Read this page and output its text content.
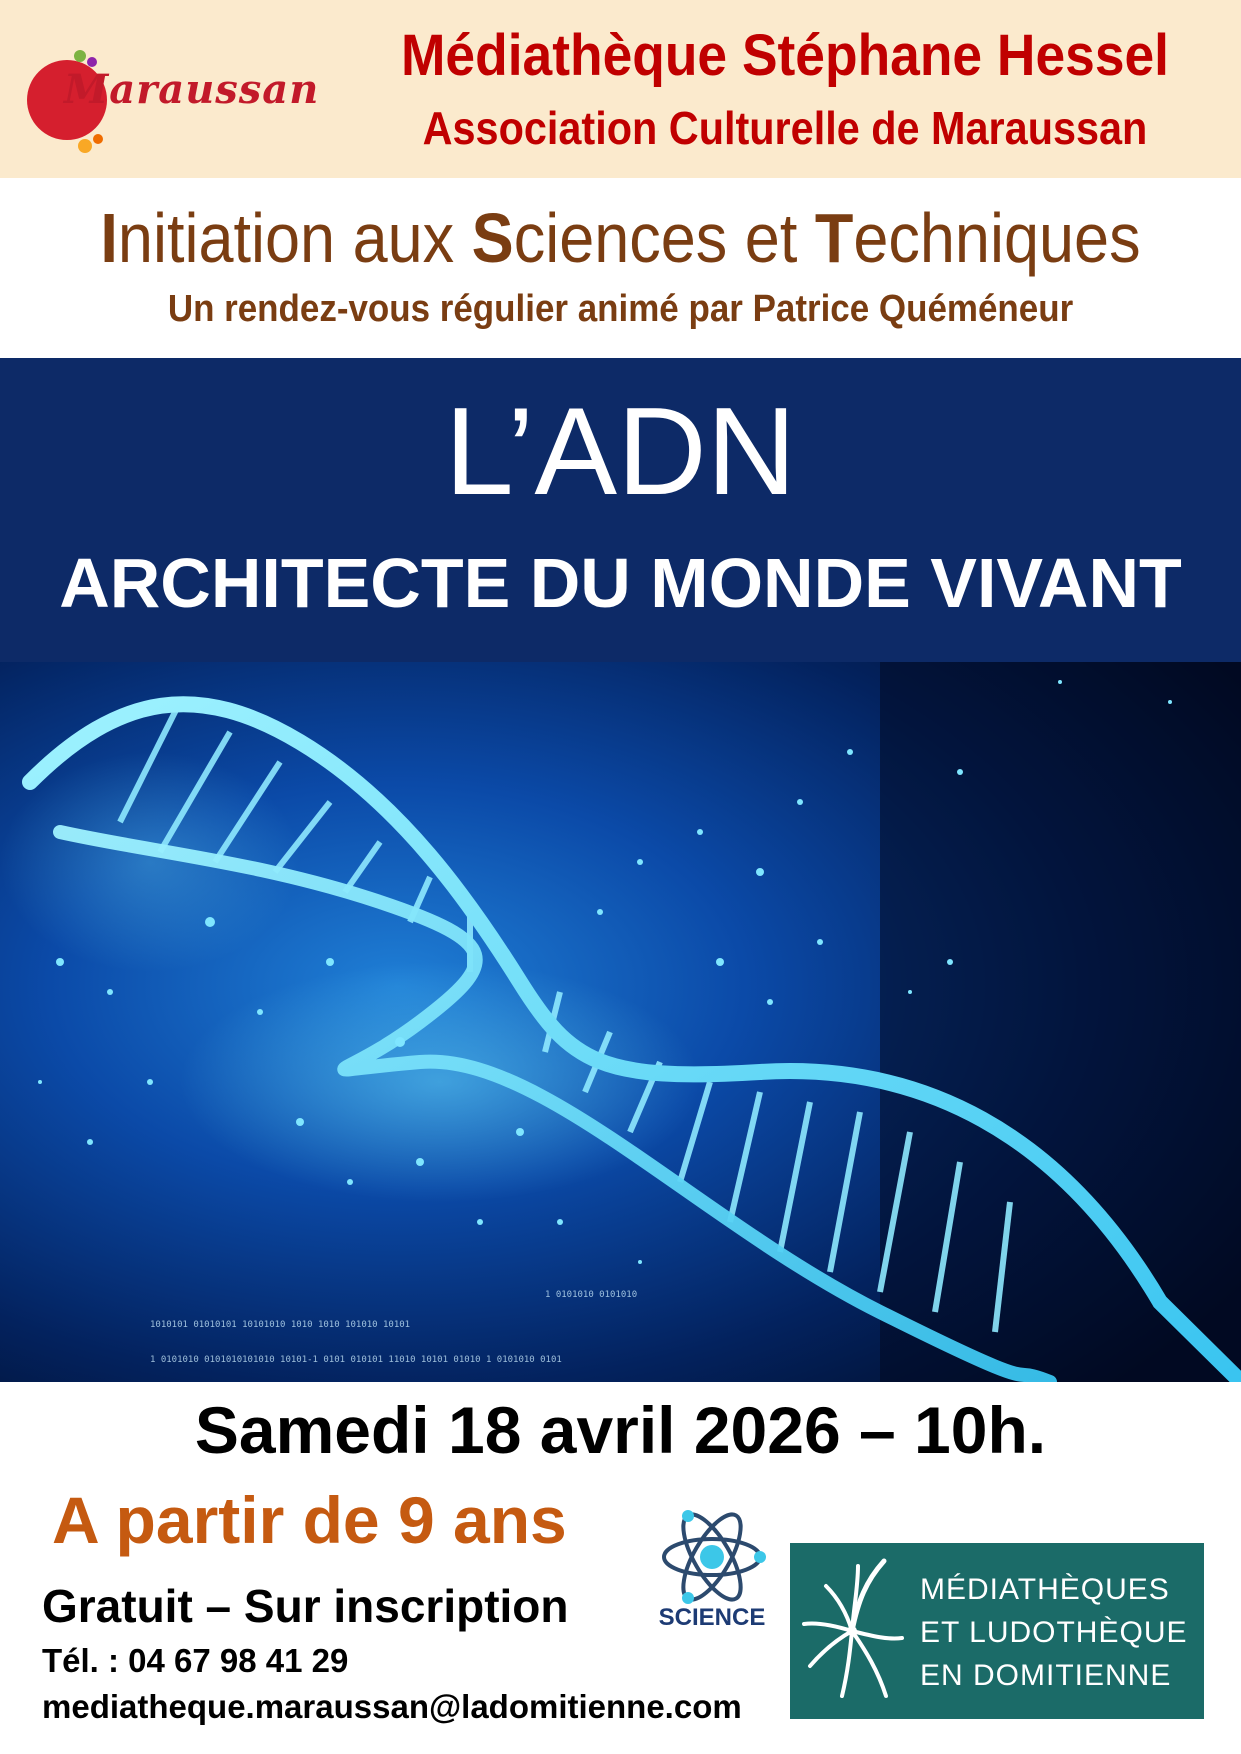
Maraussan
Médiathèque Stéphane Hessel
Association Culturelle de Maraussan
Initiation aux Sciences et Techniques
Un rendez-vous régulier animé par Patrice Quéméneur
L’ADN
ARCHITECTE DU MONDE VIVANT
1 0101010 0101010
1010101 01010101 10101010 1010 1010 101010 10101
1 0101010 0101010101010 10101-1 0101 010101 11010 10101 01010 1 0101010 0101
Samedi 18 avril 2026 – 10h.
A partir de 9 ans
SCIENCE
Gratuit – Sur inscription
Tél. : 04 67 98 41 29
mediatheque.maraussan@ladomitienne.com
MÉDIATHÈQUES
ET LUDOTHÈQUE
EN DOMITIENNE
